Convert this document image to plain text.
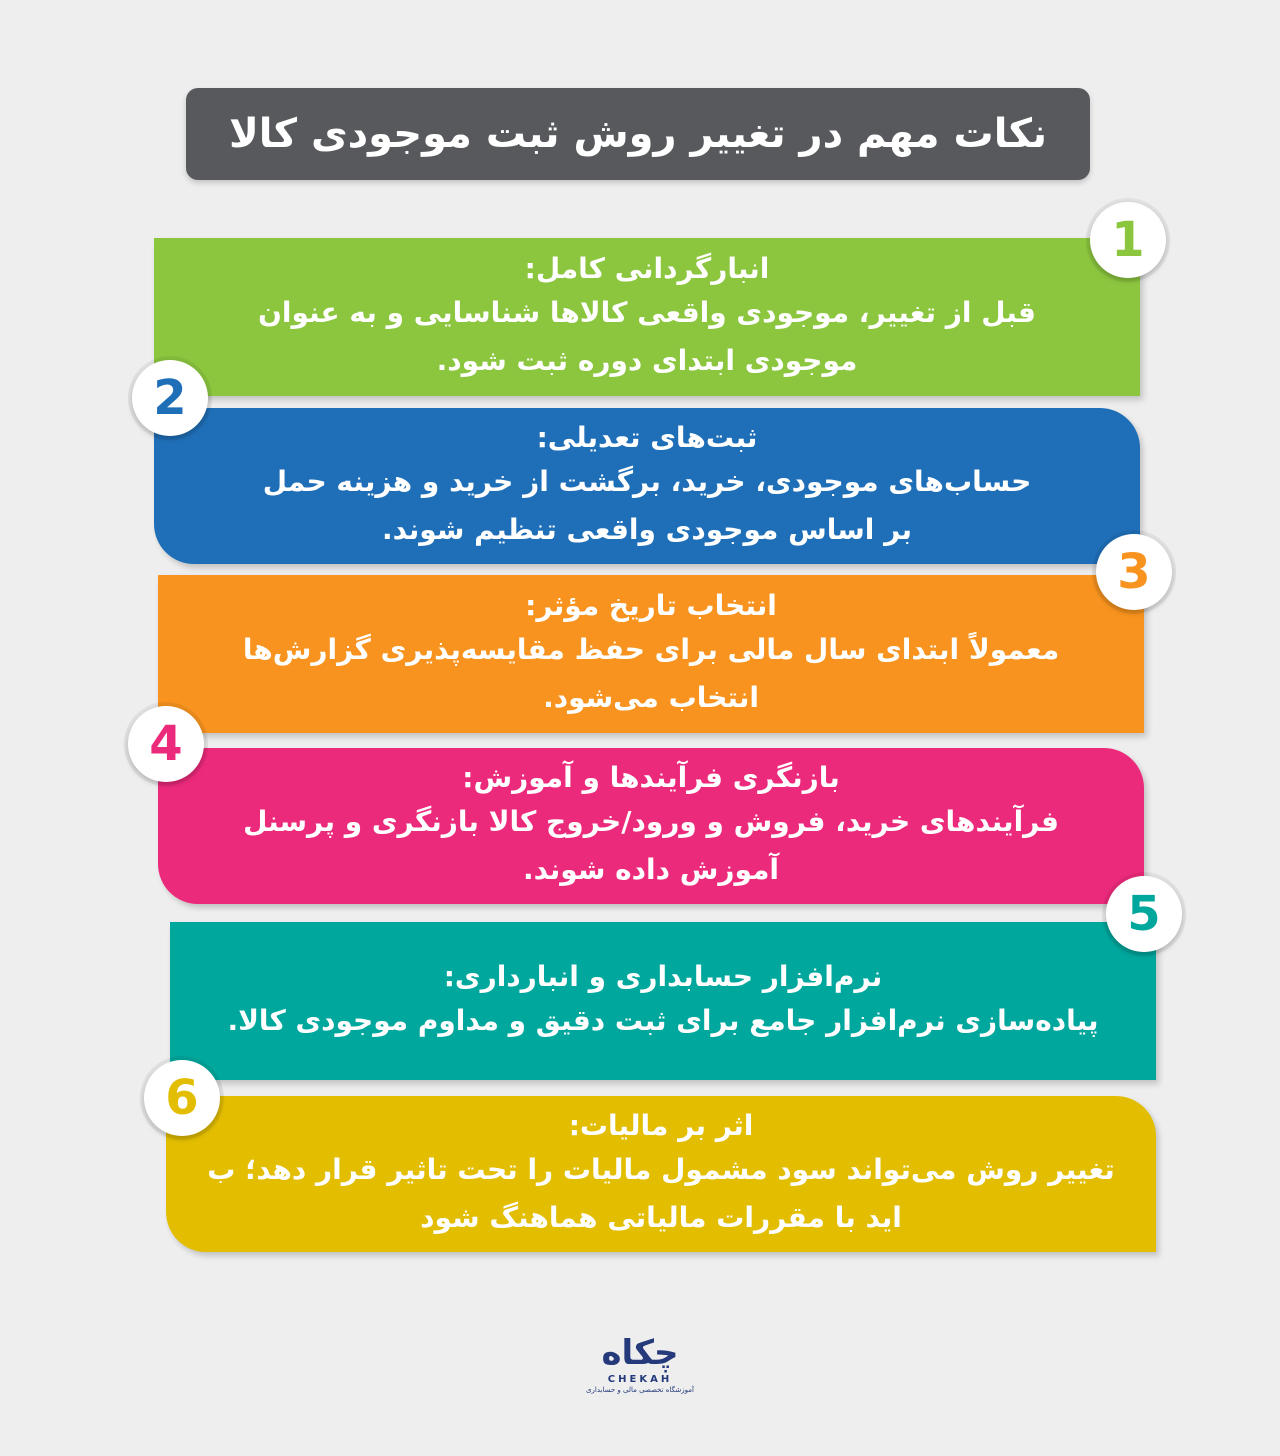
نکات مهم در تغییر روش ثبت موجودی کالا
انبارگردانی کامل:
قبل از تغییر، موجودی واقعی کالاها شناسایی و به عنوان
موجودی ابتدای دوره ثبت شود.
1
ثبت‌های تعدیلی:
حساب‌های موجودی، خرید، برگشت از خرید و هزینه حمل
بر اساس موجودی واقعی تنظیم شوند.
2
انتخاب تاریخ مؤثر:
معمولاً ابتدای سال مالی برای حفظ مقایسه‌پذیری گزارش‌ها
انتخاب می‌شود.
3
بازنگری فرآیندها و آموزش:
فرآیندهای خرید، فروش و ورود/خروج کالا بازنگری و پرسنل
آموزش داده شوند.
4
نرم‌افزار حسابداری و انبارداری:
پیاده‌سازی نرم‌افزار جامع برای ثبت دقیق و مداوم موجودی کالا.
5
اثر بر مالیات:
تغییر روش می‌تواند سود مشمول مالیات را تحت تاثیر قرار دهد؛ ب
اید با مقررات مالیاتی هماهنگ شود
6
چکاه
CHEKAH
آموزشگاه تخصصی مالی و حسابداری
